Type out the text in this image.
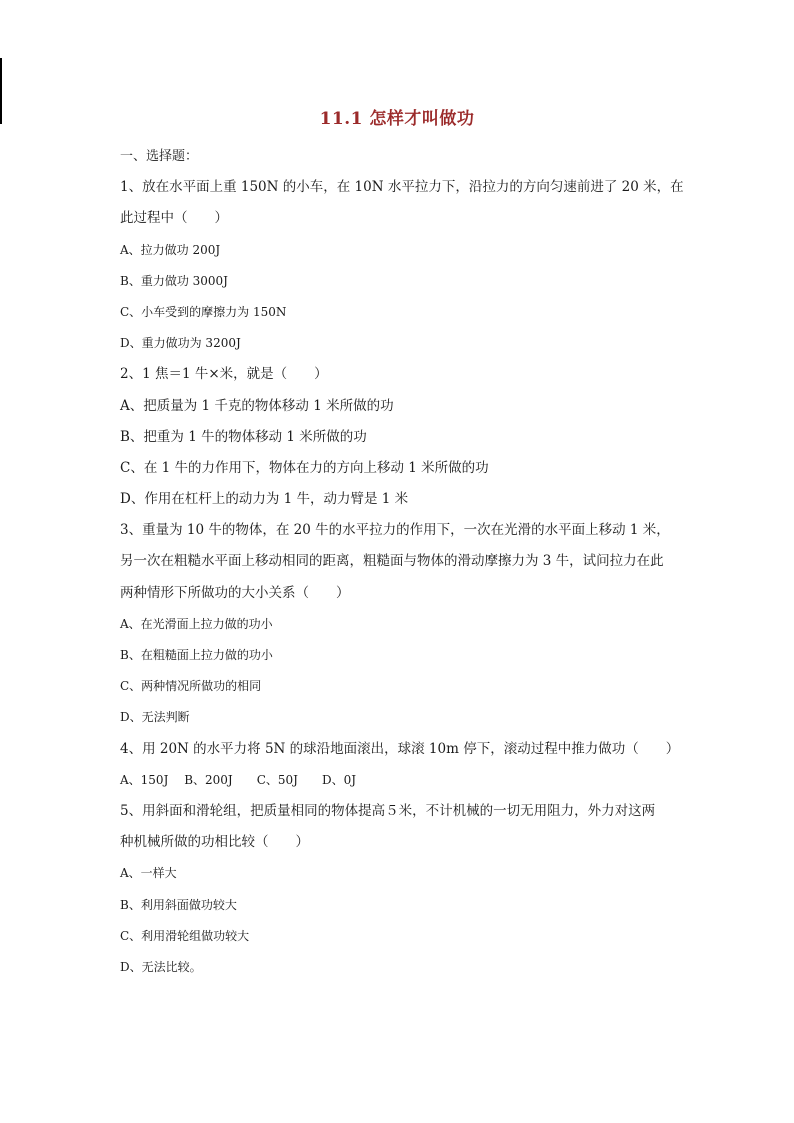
11.1 怎样才叫做功
一、选择题：
1、放在水平面上重 150N 的小车，在 10N 水平拉力下，沿拉力的方向匀速前进了 20 米，在
此过程中（　　）
A、拉力做功 200J
B、重力做功 3000J
C、小车受到的摩擦力为 150N
D、重力做功为 3200J
2、1 焦＝1 牛×米，就是（　　）
A、把质量为 1 千克的物体移动 1 米所做的功
B、把重为 1 牛的物体移动 1 米所做的功
C、在 1 牛的力作用下，物体在力的方向上移动 1 米所做的功
D、作用在杠杆上的动力为 1 牛，动力臂是 1 米
3、重量为 10 牛的物体，在 20 牛的水平拉力的作用下，一次在光滑的水平面上移动 1 米，
另一次在粗糙水平面上移动相同的距离，粗糙面与物体的滑动摩擦力为 3 牛，试问拉力在此
两种情形下所做功的大小关系（　　）
A、在光滑面上拉力做的功小
B、在粗糙面上拉力做的功小
C、两种情况所做功的相同
D、无法判断
4、用 20N 的水平力将 5N 的球沿地面滚出，球滚 10m 停下，滚动过程中推力做功（　　）
A、150J　 B、200J　　C、50J　　D、0J
5、用斜面和滑轮组，把质量相同的物体提高５米，不计机械的一切无用阻力，外力对这两
种机械所做的功相比较（　　）
A、一样大
B、利用斜面做功较大
C、利用滑轮组做功较大
D、无法比较。
